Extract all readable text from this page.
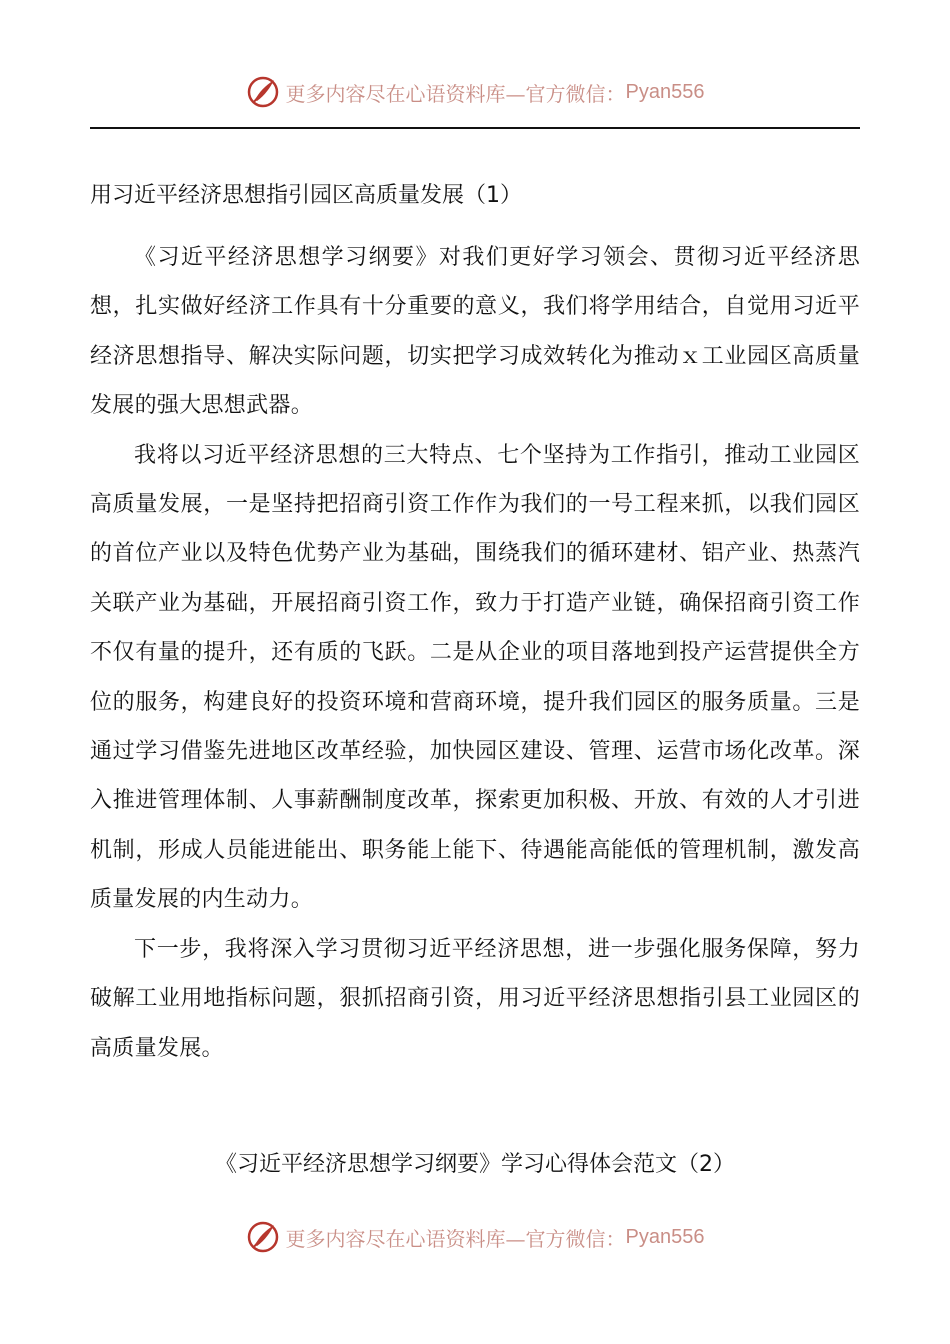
更多内容尽在心语资料库—官方微信： Pyan556
用习近平经济思想指引园区高质量发展（1）

《习近平经济思想学习纲要》对我们更好学习领会、贯彻习近平经济思想，扎实做好经济工作具有十分重要的意义，我们将学用结合，自觉用习近平经济思想指导、解决实际问题，切实把学习成效转化为推动ｘ工业园区高质量发展的强大思想武器。

我将以习近平经济思想的三大特点、七个坚持为工作指引，推动工业园区高质量发展，一是坚持把招商引资工作作为我们的一号工程来抓，以我们园区的首位产业以及特色优势产业为基础，围绕我们的循环建材、铝产业、热蒸汽关联产业为基础，开展招商引资工作，致力于打造产业链，确保招商引资工作不仅有量的提升，还有质的飞跃。二是从企业的项目落地到投产运营提供全方位的服务，构建良好的投资环境和营商环境，提升我们园区的服务质量。三是通过学习借鉴先进地区改革经验，加快园区建设、管理、运营市场化改革。深入推进管理体制、人事薪酬制度改革，探索更加积极、开放、有效的人才引进机制，形成人员能进能出、职务能上能下、待遇能高能低的管理机制，激发高质量发展的内生动力。

下一步，我将深入学习贯彻习近平经济思想，进一步强化服务保障，努力破解工业用地指标问题，狠抓招商引资，用习近平经济思想指引县工业园区的高质量发展。

《习近平经济思想学习纲要》学习心得体会范文（2）
更多内容尽在心语资料库—官方微信： Pyan556
